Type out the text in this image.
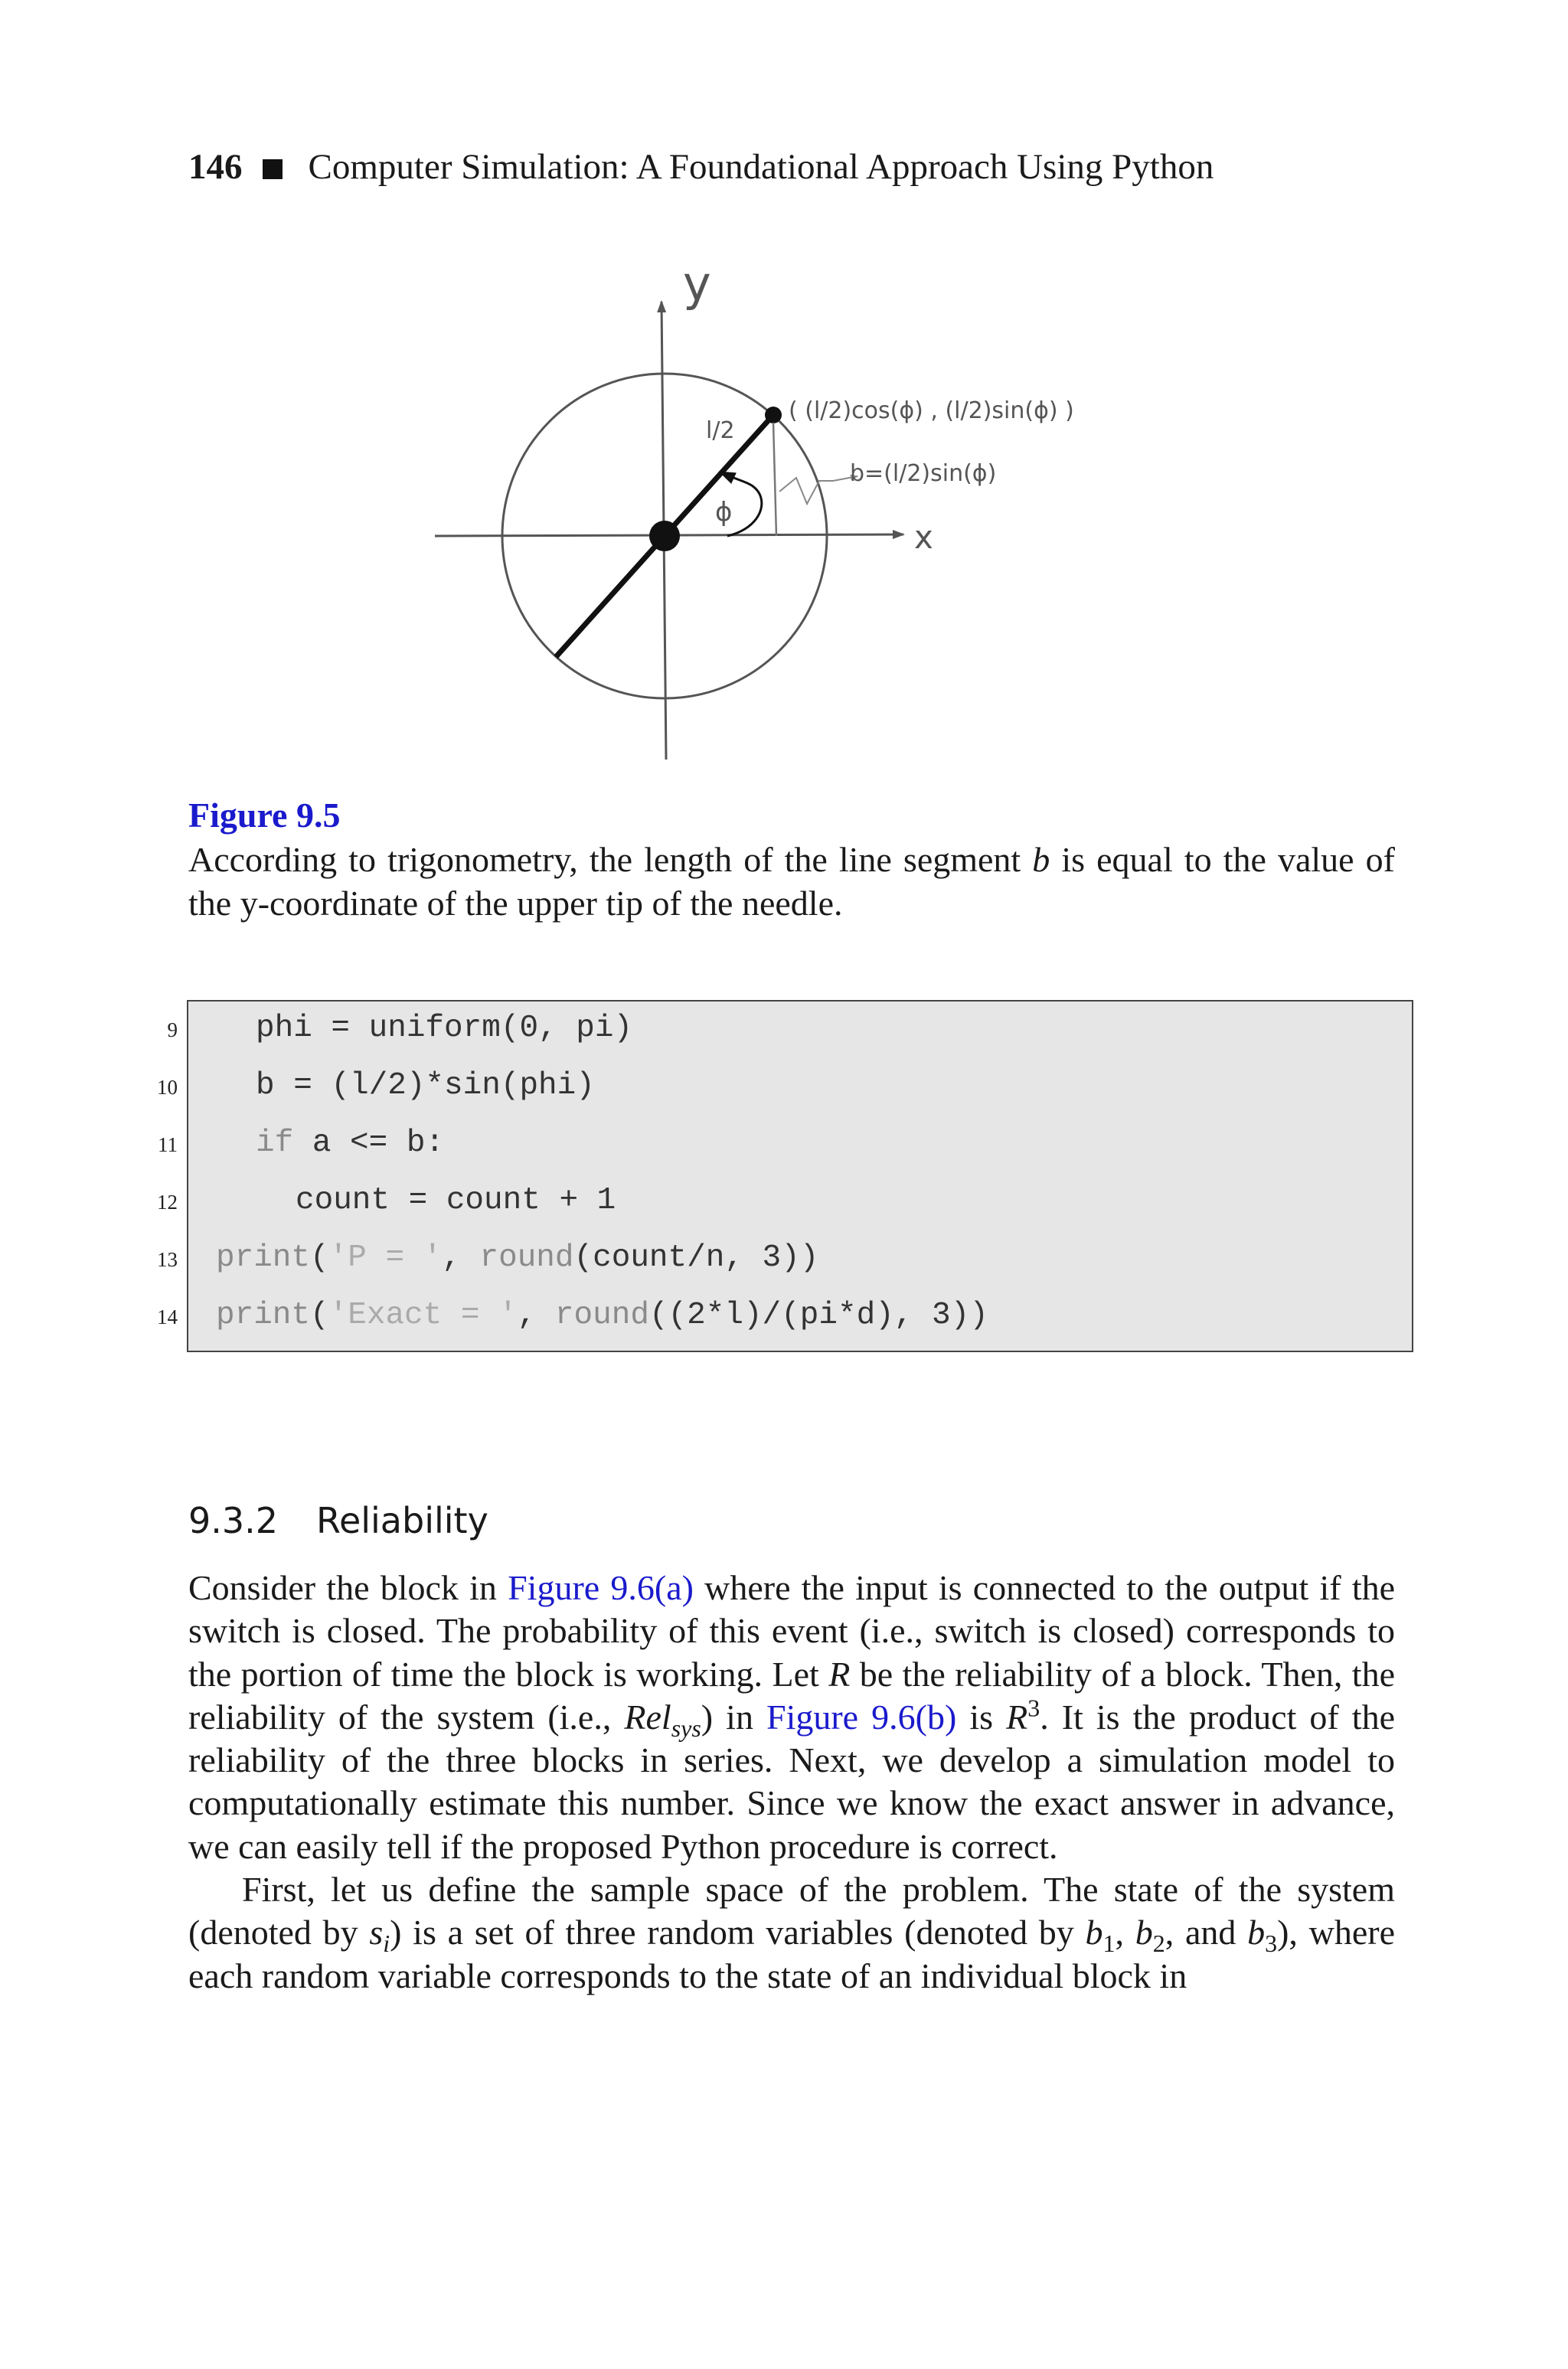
146 Computer Simulation: A Foundational Approach Using Python
y
x
l/2
ϕ
( (l/2)cos(ϕ) , (l/2)sin(ϕ) )
b=(l/2)sin(ϕ)
Figure 9.5
According to trigonometry, the length of the line segment b is equal to the value of the y-coordinate of the upper tip of the needle.
9 phi = uniform(0, pi)
10 b = (l/2)*sin(phi)
11 if a <= b:
12	count = count + 1
13 print('P = ', round(count/n, 3))
14 print('Exact = ', round((2*l)/(pi*d), 3))
9.3.2 Reliability

Consider the block in Figure 9.6(a) where the input is connected to the output if the switch is closed. The probability of this event (i.e., switch is closed) corresponds to the portion of time the block is working. Let R be the reliability of a block. Then, the reliability of the system (i.e., Rel$_{sys}$) in Figure 9.6(b) is $R^3$. It is the product of the reliability of the three blocks in series. Next, we develop a simulation model to computationally estimate this number. Since we know the exact answer in advance, we can easily tell if the proposed Python procedure is correct.

First, let us define the sample space of the problem. The state of the system (denoted by $s_i$) is a set of three random variables (denoted by $b_1$, $b_2$, and $b_3$), where each random variable corresponds to the state of an individual block in
